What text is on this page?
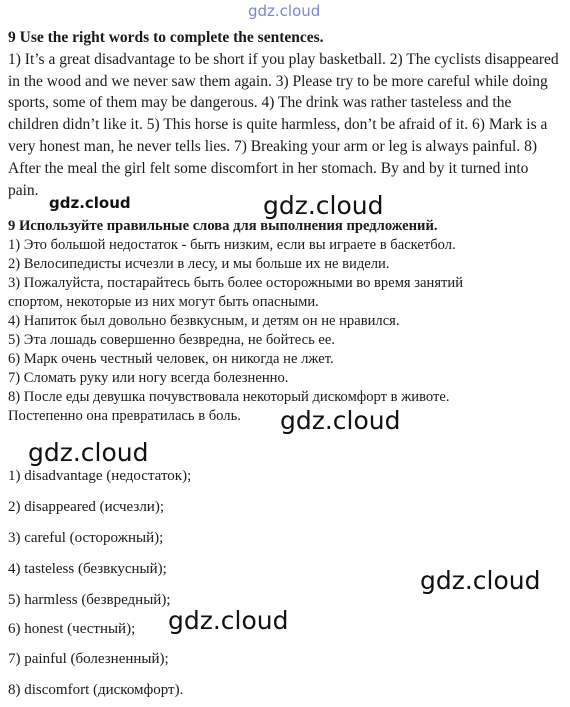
gdz.cloud

9 Use the right words to complete the sentences.

1) It’s a great disadvantage to be short if you play basketball. 2) The cyclists disappeared in the wood and we never saw them again. 3) Please try to be more careful while doing sports, some of them may be dangerous. 4) The drink was rather tasteless and the children didn’t like it. 5) This horse is quite harmless, don’t be afraid of it. 6) Mark is a very honest man, he never tells lies. 7) Breaking your arm or leg is always painful. 8) After the meal the girl felt some discomfort in her stomach. By and by it turned into pain.

9 Используйте правильные слова для выполнения предложений.
1) Это большой недостаток - быть низким, если вы играете в баскетбол.
2) Велосипедисты исчезли в лесу, и мы больше их не видели.
3) Пожалуйста, постарайтесь быть более осторожными во время занятий
спортом, некоторые из них могут быть опасными.
4) Напиток был довольно безвкусным, и детям он не нравился.
5) Эта лошадь совершенно безвредна, не бойтесь ее.
6) Марк очень честный человек, он никогда не лжет.
7) Сломать руку или ногу всегда болезненно.
8) После еды девушка почувствовала некоторый дискомфорт в животе.
Постепенно она превратилась в боль.
1) disadvantage (недостаток);
2) disappeared (исчезли);
3) careful (осторожный);
4) tasteless (безвкусный);
5) harmless (безвредный);
6) honest (честный);
7) painful (болезненный);
8) discomfort (дискомфорт).
gdz.cloud
gdz.cloud
gdz.cloud
gdz.cloud
gdz.cloud
gdz.cloud
